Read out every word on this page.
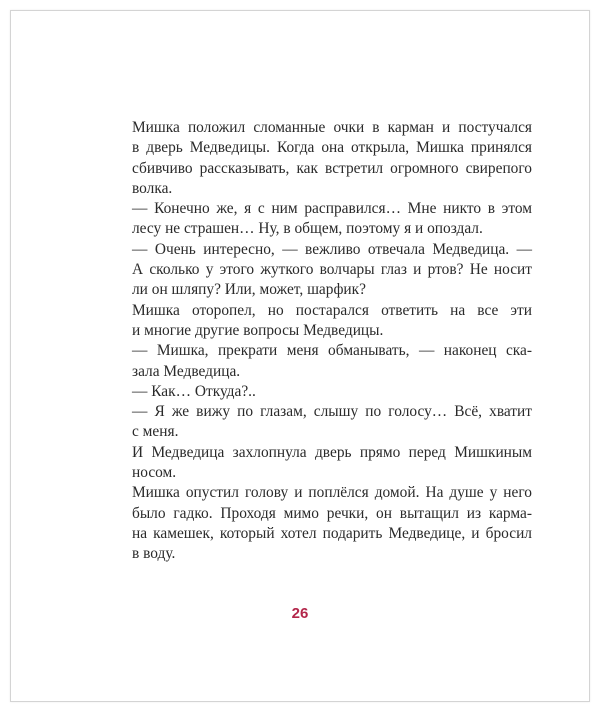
Мишка положил сломанные очки в карман и постучался
в дверь Медведицы. Когда она открыла, Мишка принялся
сбивчиво рассказывать, как встретил огромного свирепого
волка.
— Конечно же, я с ним расправился… Мне никто в этом
лесу не страшен… Ну, в общем, поэтому я и опоздал.
— Очень интересно, — вежливо отвечала Медведица. —
А сколько у этого жуткого волчары глаз и ртов? Не носит
ли он шляпу? Или, может, шарфик?
Мишка оторопел, но постарался ответить на все эти
и многие другие вопросы Медведицы.
— Мишка, прекрати меня обманывать, — наконец ска-
зала Медведица.
— Как… Откуда?..
— Я же вижу по глазам, слышу по голосу… Всё, хватит
с меня.
И Медведица захлопнула дверь прямо перед Мишкиным
носом.
Мишка опустил голову и поплёлся домой. На душе у него
было гадко. Проходя мимо речки, он вытащил из карма-
на камешек, который хотел подарить Медведице, и бросил
в воду.
26
